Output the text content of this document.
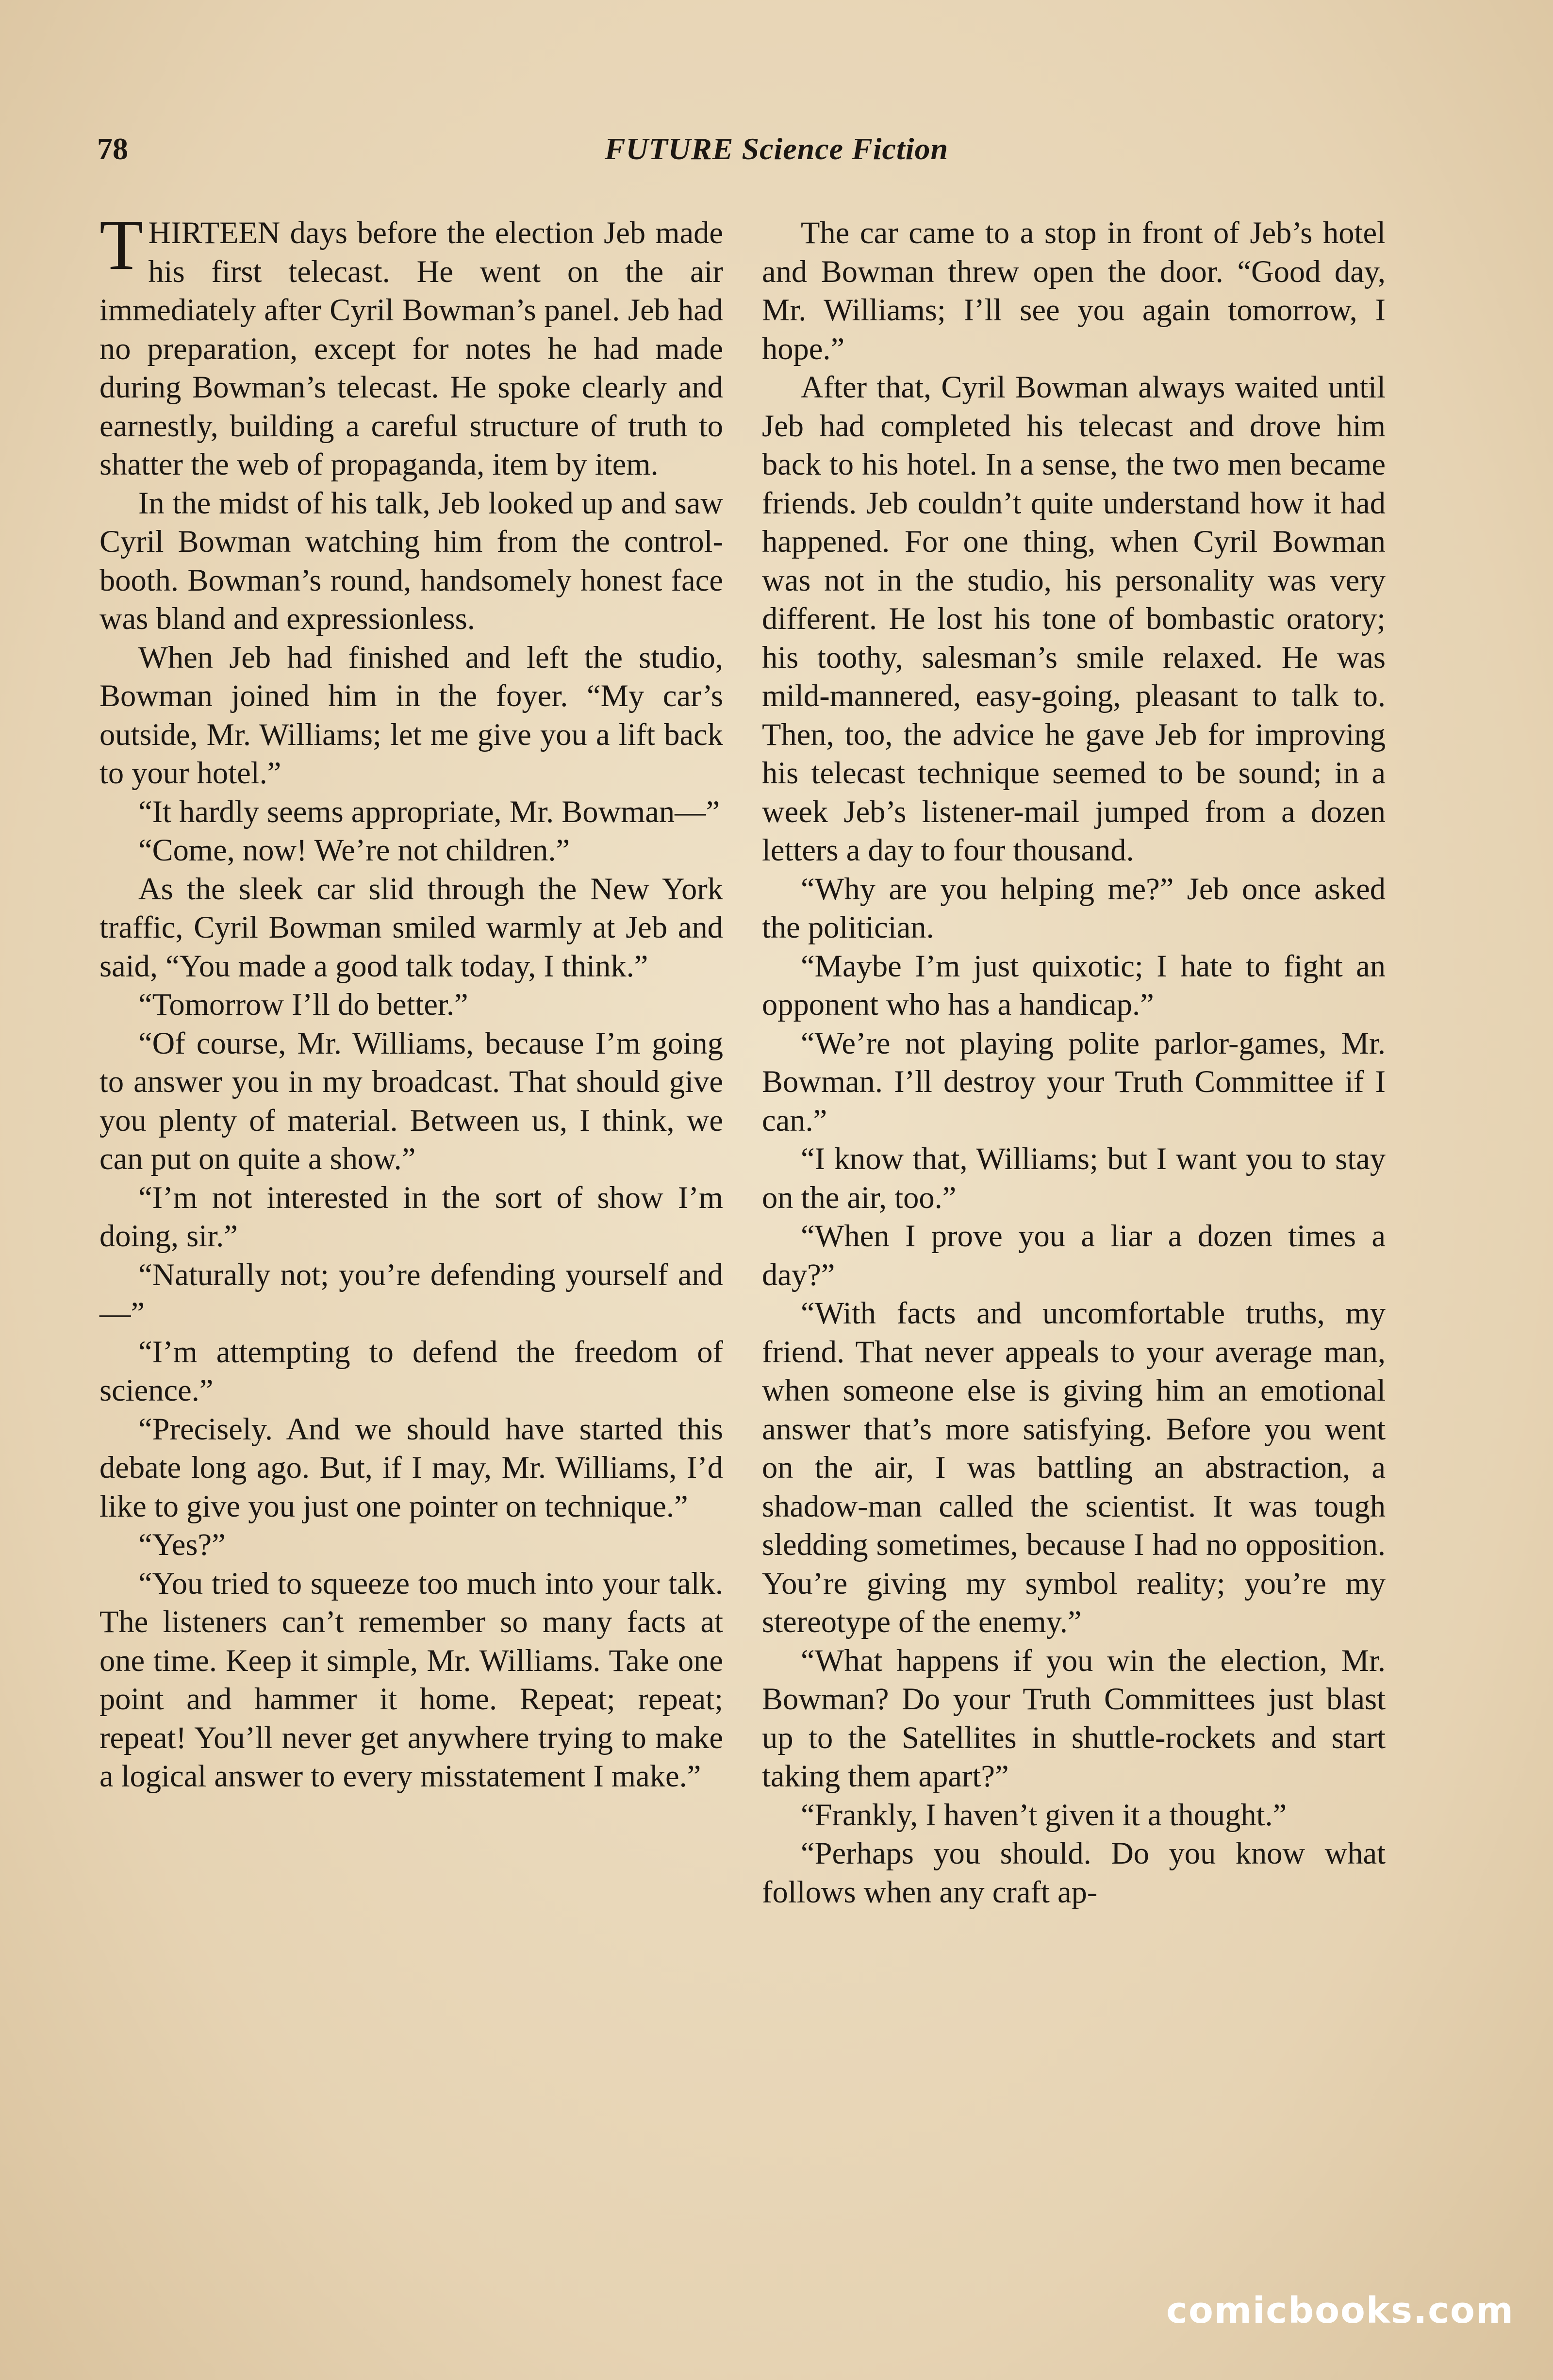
78	FUTURE Science Fiction

THIRTEEN days before the election Jeb made his first telecast. He went on the air immediately after Cyril Bowman’s panel. Jeb had no preparation, except for notes he had made during Bowman’s telecast. He spoke clearly and earnestly, building a careful structure of truth to shatter the web of propaganda, item by item.

In the midst of his talk, Jeb looked up and saw Cyril Bowman watching him from the control-booth. Bowman’s round, handsomely honest face was bland and expressionless.

When Jeb had finished and left the studio, Bowman joined him in the foyer. “My car’s outside, Mr. Williams; let me give you a lift back to your hotel.”

“It hardly seems appropriate, Mr. Bowman—”

“Come, now! We’re not children.”

As the sleek car slid through the New York traffic, Cyril Bowman smiled warmly at Jeb and said, “You made a good talk today, I think.”

“Tomorrow I’ll do better.”

“Of course, Mr. Williams, because I’m going to answer you in my broadcast. That should give you plenty of material. Between us, I think, we can put on quite a show.”

“I’m not interested in the sort of show I’m doing, sir.”

“Naturally not; you’re defending yourself and—”

“I’m attempting to defend the freedom of science.”

“Precisely. And we should have started this debate long ago. But, if I may, Mr. Williams, I’d like to give you just one pointer on technique.”

“Yes?”

“You tried to squeeze too much into your talk. The listeners can’t remember so many facts at one time. Keep it simple, Mr. Williams. Take one point and hammer it home. Repeat; repeat; repeat! You’ll never get anywhere trying to make a logical answer to every misstatement I make.”

The car came to a stop in front of Jeb’s hotel and Bowman threw open the door. “Good day, Mr. Williams; I’ll see you again tomorrow, I hope.”

After that, Cyril Bowman always waited until Jeb had completed his telecast and drove him back to his hotel. In a sense, the two men became friends. Jeb couldn’t quite understand how it had happened. For one thing, when Cyril Bowman was not in the studio, his personality was very different. He lost his tone of bombastic oratory; his toothy, salesman’s smile relaxed. He was mild-mannered, easy-going, pleasant to talk to. Then, too, the advice he gave Jeb for improving his telecast technique seemed to be sound; in a week Jeb’s listener-mail jumped from a dozen letters a day to four thousand.

“Why are you helping me?” Jeb once asked the politician.

“Maybe I’m just quixotic; I hate to fight an opponent who has a handicap.”

“We’re not playing polite parlor-games, Mr. Bowman. I’ll destroy your Truth Committee if I can.”

“I know that, Williams; but I want you to stay on the air, too.”

“When I prove you a liar a dozen times a day?”

“With facts and uncomfortable truths, my friend. That never appeals to your average man, when someone else is giving him an emotional answer that’s more satisfying. Before you went on the air, I was battling an abstraction, a shadow-man called the scientist. It was tough sledding sometimes, because I had no opposition. You’re giving my symbol reality; you’re my stereotype of the enemy.”

“What happens if you win the election, Mr. Bowman? Do your Truth Committees just blast up to the Satellites in shuttle-rockets and start taking them apart?”

“Frankly, I haven’t given it a thought.”

“Perhaps you should. Do you know what follows when any craft ap-

comicbooks.com
